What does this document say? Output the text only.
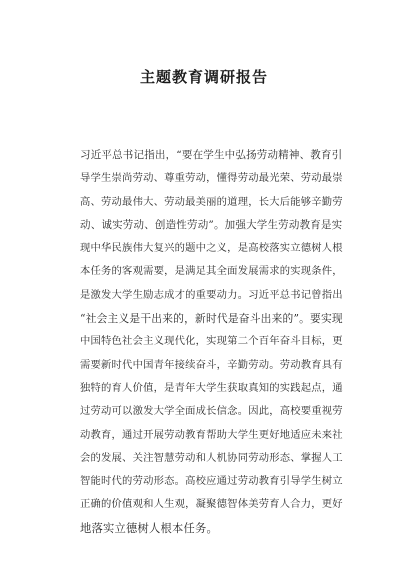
主题教育调研报告
习近平总书记指出，“要在学生中弘扬劳动精神、教育引
导学生崇尚劳动、尊重劳动，懂得劳动最光荣、劳动最崇
高、劳动最伟大、劳动最美丽的道理，长大后能够辛勤劳
动、诚实劳动、创造性劳动”。加强大学生劳动教育是实
现中华民族伟大复兴的题中之义，是高校落实立德树人根
本任务的客观需要，是满足其全面发展需求的实现条件，
是激发大学生励志成才的重要动力。习近平总书记曾指出
“社会主义是干出来的，新时代是奋斗出来的”。要实现
中国特色社会主义现代化，实现第二个百年奋斗目标，更
需要新时代中国青年接续奋斗，辛勤劳动。劳动教育具有
独特的育人价值，是青年大学生获取真知的实践起点，通
过劳动可以激发大学全面成长信念。因此，高校要重视劳
动教育，通过开展劳动教育帮助大学生更好地适应未来社
会的发展、关注智慧劳动和人机协同劳动形态、掌握人工
智能时代的劳动形态。高校应通过劳动教育引导学生树立
正确的价值观和人生观，凝聚德智体美劳育人合力，更好
地落实立德树人根本任务。
